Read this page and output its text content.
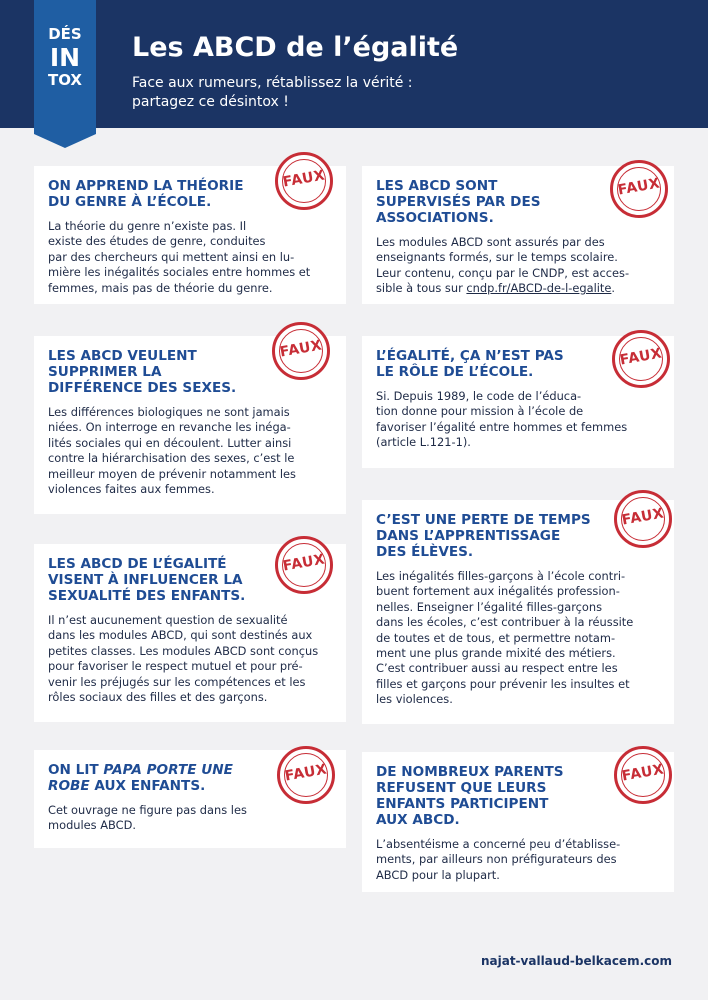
DÉS
IN
TOX
Les ABCD de l’égalité
Face aux rumeurs, rétablissez la vérité :
partagez ce désintox !
ON APPREND LA THÉORIE
DU GENRE À L’ÉCOLE.
La théorie du genre n’existe pas. Il
existe des études de genre, conduites
par des chercheurs qui mettent ainsi en lu-
mière les inégalités sociales entre hommes et
femmes, mais pas de théorie du genre.
FAUX
LES ABCD VEULENT
SUPPRIMER LA
DIFFÉRENCE DES SEXES.
Les différences biologiques ne sont jamais
niées. On interroge en revanche les inéga-
lités sociales qui en découlent. Lutter ainsi
contre la hiérarchisation des sexes, c’est le
meilleur moyen de prévenir notamment les
violences faites aux femmes.
FAUX
LES ABCD DE L’ÉGALITÉ
VISENT À INFLUENCER LA
SEXUALITÉ DES ENFANTS.
Il n’est aucunement question de sexualité
dans les modules ABCD, qui sont destinés aux
petites classes. Les modules ABCD sont conçus
pour favoriser le respect mutuel et pour pré-
venir les préjugés sur les compétences et les
rôles sociaux des filles et des garçons.
FAUX
ON LIT PAPA PORTE UNE
ROBE AUX ENFANTS.
Cet ouvrage ne figure pas dans les
modules ABCD.
FAUX
LES ABCD SONT
SUPERVISÉS PAR DES
ASSOCIATIONS.
Les modules ABCD sont assurés par des
enseignants formés, sur le temps scolaire.
Leur contenu, conçu par le CNDP, est acces-
sible à tous sur cndp.fr/ABCD-de-l-egalite.
FAUX
L’ÉGALITÉ, ÇA N’EST PAS
LE RÔLE DE L’ÉCOLE.
Si. Depuis 1989, le code de l’éduca-
tion donne pour mission à l’école de
favoriser l’égalité entre hommes et femmes
(article L.121-1).
FAUX
C’EST UNE PERTE DE TEMPS
DANS L’APPRENTISSAGE
DES ÉLÈVES.
Les inégalités filles-garçons à l’école contri-
buent fortement aux inégalités profession-
nelles. Enseigner l’égalité filles-garçons
dans les écoles, c’est contribuer à la réussite
de toutes et de tous, et permettre notam-
ment une plus grande mixité des métiers.
C’est contribuer aussi au respect entre les
filles et garçons pour prévenir les insultes et
les violences.
FAUX
DE NOMBREUX PARENTS
REFUSENT QUE LEURS
ENFANTS PARTICIPENT
AUX ABCD.
L’absentéisme a concerné peu d’établisse-
ments, par ailleurs non préfigurateurs des
ABCD pour la plupart.
FAUX
najat-vallaud-belkacem.com
